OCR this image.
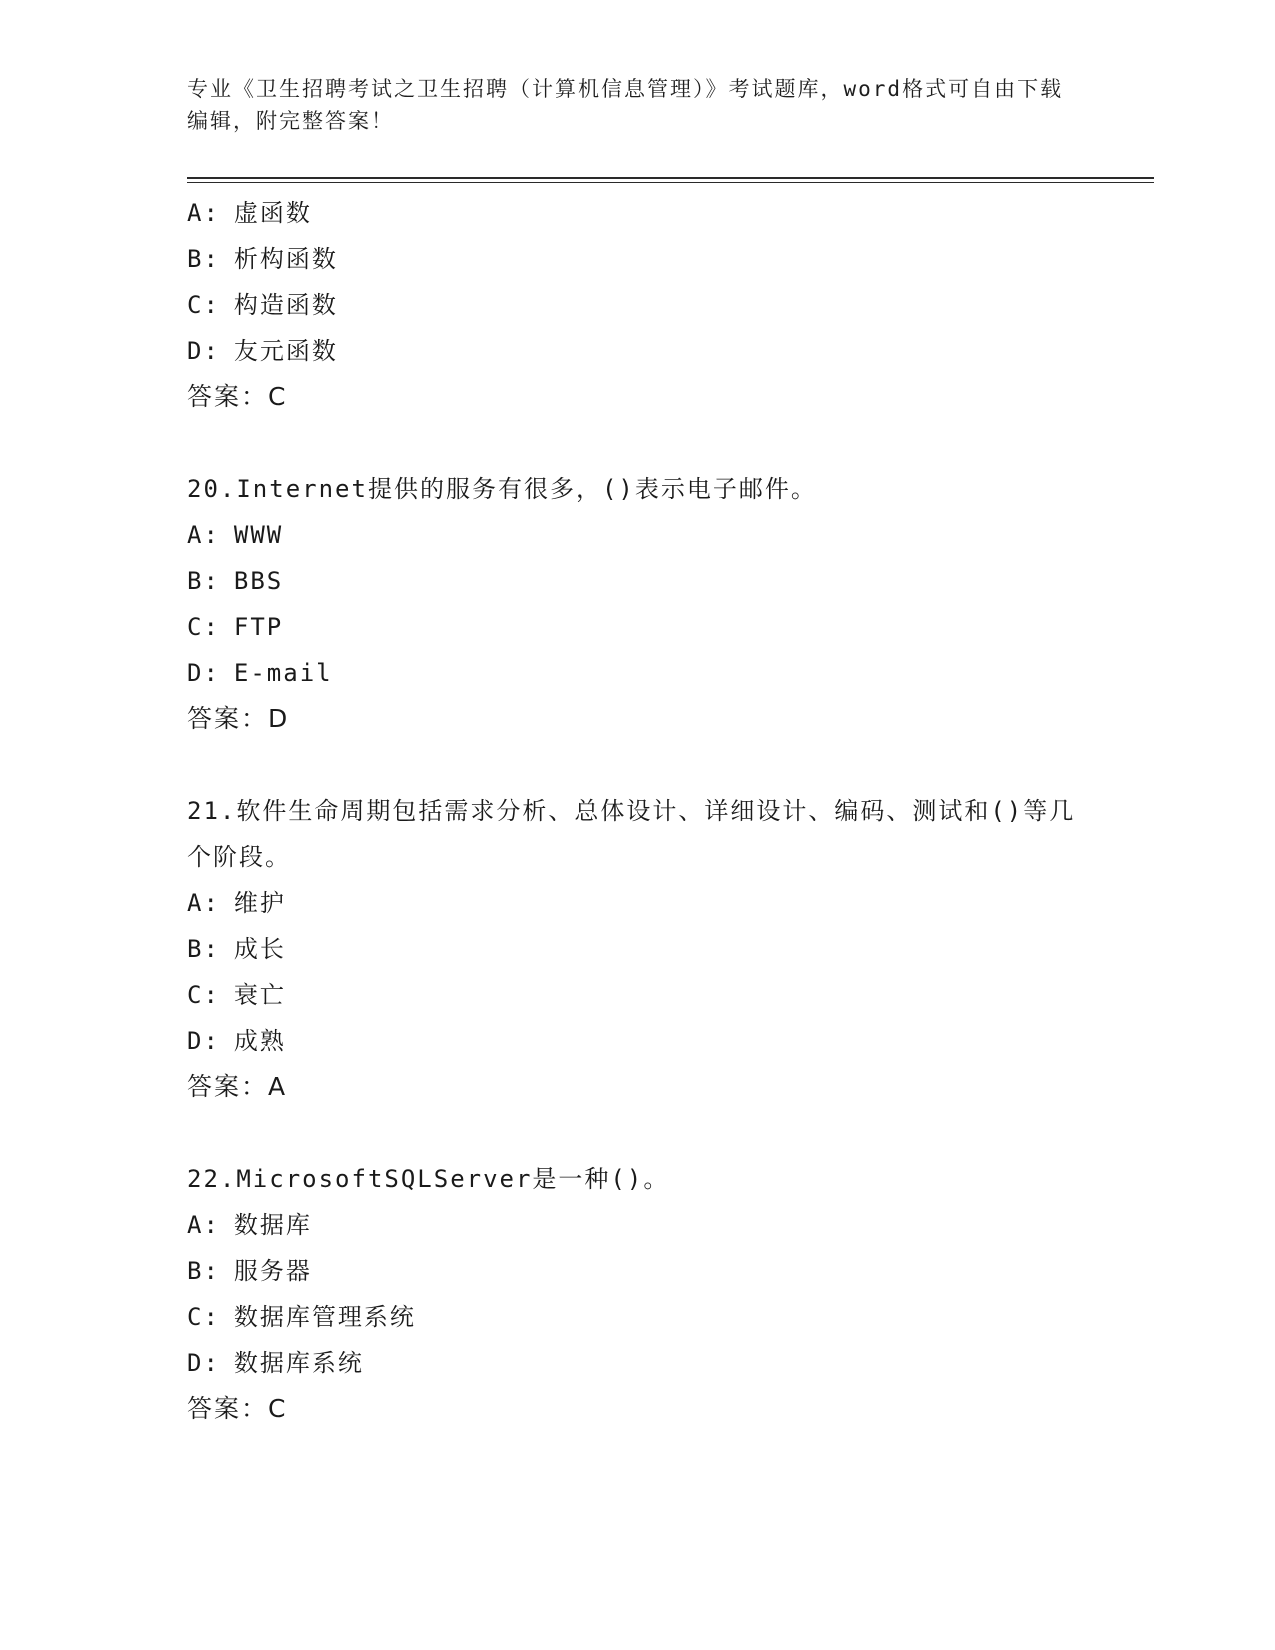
专业《卫生招聘考试之卫生招聘（计算机信息管理）》考试题库，word格式可自由下载编辑，附完整答案！

A: 虚函数

B: 析构函数

C: 构造函数

D: 友元函数

答案：C

20.Internet提供的服务有很多，()表示电子邮件。

A: WWW

B: BBS

C: FTP

D: E-mail

答案：D

21.软件生命周期包括需求分析、总体设计、详细设计、编码、测试和()等几个阶段。

A: 维护

B: 成长

C: 衰亡

D: 成熟

答案：A

22.MicrosoftSQLServer是一种()。

A: 数据库

B: 服务器

C: 数据库管理系统

D: 数据库系统

答案：C
